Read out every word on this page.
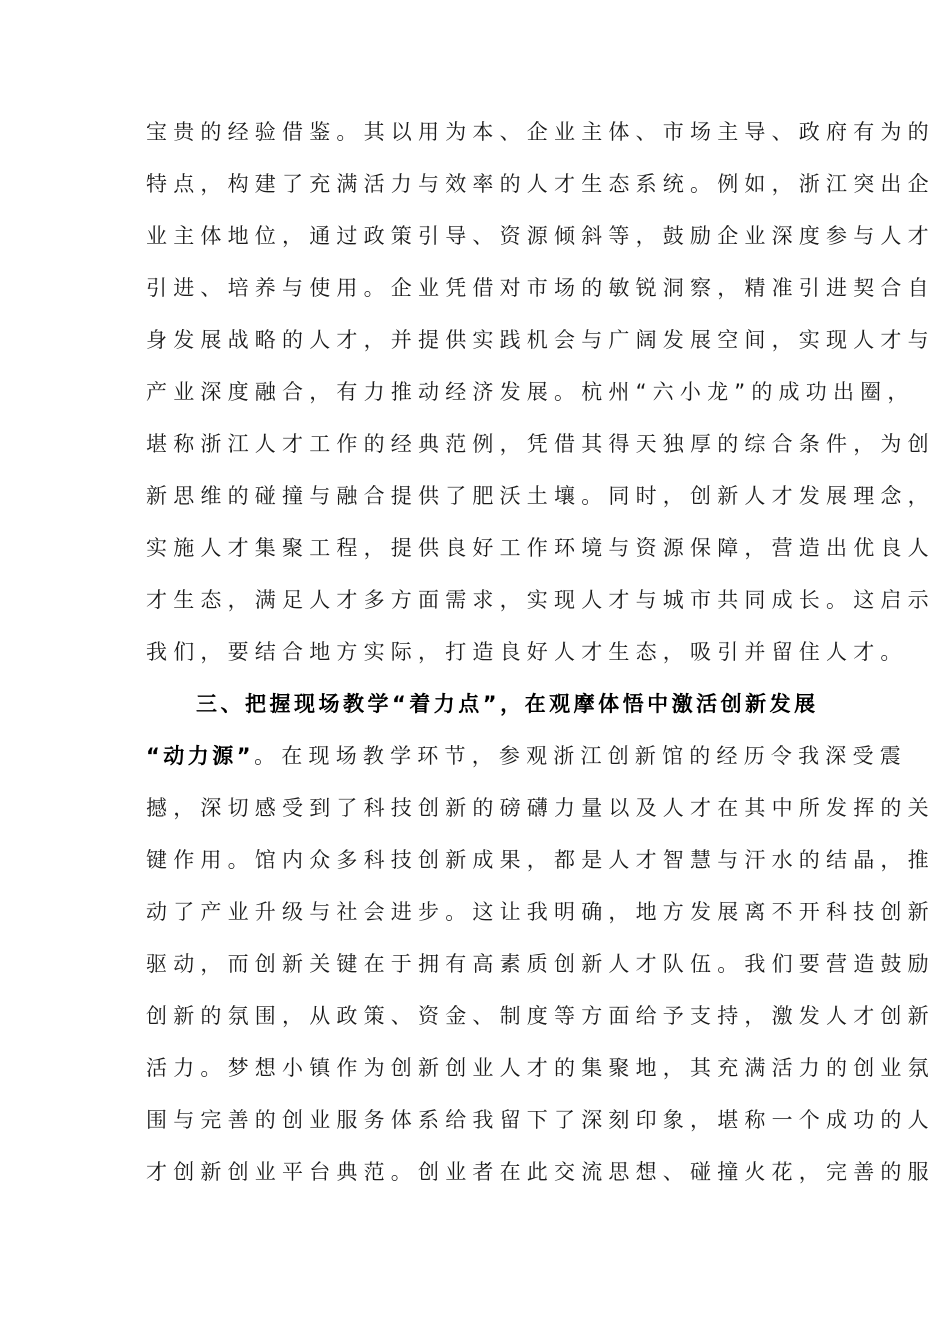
宝贵的经验借鉴。其以用为本、企业主体、市场主导、政府有为的
特点，构建了充满活力与效率的人才生态系统。例如，浙江突出企
业主体地位，通过政策引导、资源倾斜等，鼓励企业深度参与人才
引进、培养与使用。企业凭借对市场的敏锐洞察，精准引进契合自
身发展战略的人才，并提供实践机会与广阔发展空间，实现人才与
产业深度融合，有力推动经济发展。杭州“六小龙”的成功出圈，
堪称浙江人才工作的经典范例，凭借其得天独厚的综合条件，为创
新思维的碰撞与融合提供了肥沃土壤。同时，创新人才发展理念，
实施人才集聚工程，提供良好工作环境与资源保障，营造出优良人
才生态，满足人才多方面需求，实现人才与城市共同成长。这启示
我们，要结合地方实际，打造良好人才生态，吸引并留住人才。
三、把握现场教学“着力点”，在观摩体悟中激活创新发展
“动力源”。在现场教学环节，参观浙江创新馆的经历令我深受震
撼，深切感受到了科技创新的磅礴力量以及人才在其中所发挥的关
键作用。馆内众多科技创新成果，都是人才智慧与汗水的结晶，推
动了产业升级与社会进步。这让我明确，地方发展离不开科技创新
驱动，而创新关键在于拥有高素质创新人才队伍。我们要营造鼓励
创新的氛围，从政策、资金、制度等方面给予支持，激发人才创新
活力。梦想小镇作为创新创业人才的集聚地，其充满活力的创业氛
围与完善的创业服务体系给我留下了深刻印象，堪称一个成功的人
才创新创业平台典范。创业者在此交流思想、碰撞火花，完善的服
